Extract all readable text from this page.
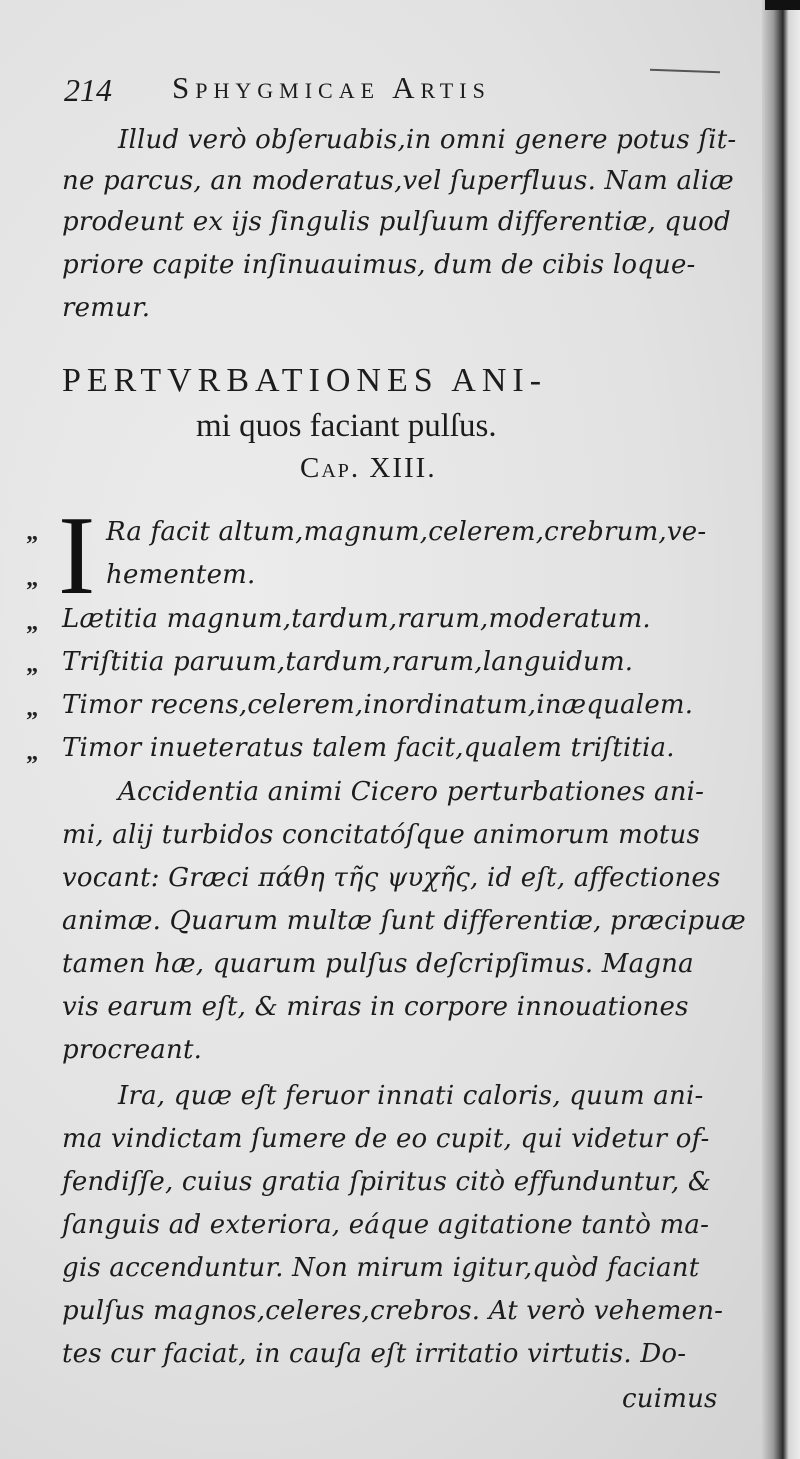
214 Sphygmicae Artis
Illud verò obſeruabis,in omni genere potus ſit-
ne parcus, an moderatus,vel ſuperfluus. Nam aliæ
prodeunt ex ijs ſingulis pulſuum differentiæ, quod
priore capite inſinuauimus, dum de cibis loque-
remur.
PERTVRBATIONES ANI-
mi quos faciant pulſus.
Cap. XIII.
I
”
”
”
”
”
”
Ra facit altum,magnum,celerem,crebrum,ve-
hementem.
Lætitia magnum,tardum,rarum,moderatum.
Triſtitia paruum,tardum,rarum,languidum.
Timor recens,celerem,inordinatum,inæqualem.
Timor inueteratus talem facit,qualem triſtitia.
Accidentia animi Cicero perturbationes ani-
mi, alij turbidos concitatóſque animorum motus
vocant: Græci πάθη τῆς ψυχῆς, id eſt, affectiones
animæ. Quarum multæ ſunt differentiæ, præcipuæ
tamen hæ, quarum pulſus deſcripſimus. Magna
vis earum eſt, & miras in corpore innouationes
procreant.
Ira, quæ eſt feruor innati caloris, quum ani-
ma vindictam ſumere de eo cupit, qui videtur of-
fendiſſe, cuius gratia ſpiritus citò effunduntur, &
ſanguis ad exteriora, eáque agitatione tantò ma-
gis accenduntur. Non mirum igitur,quòd faciant
pulſus magnos,celeres,crebros. At verò vehemen-
tes cur faciat, in cauſa eſt irritatio virtutis. Do-
cuimus
